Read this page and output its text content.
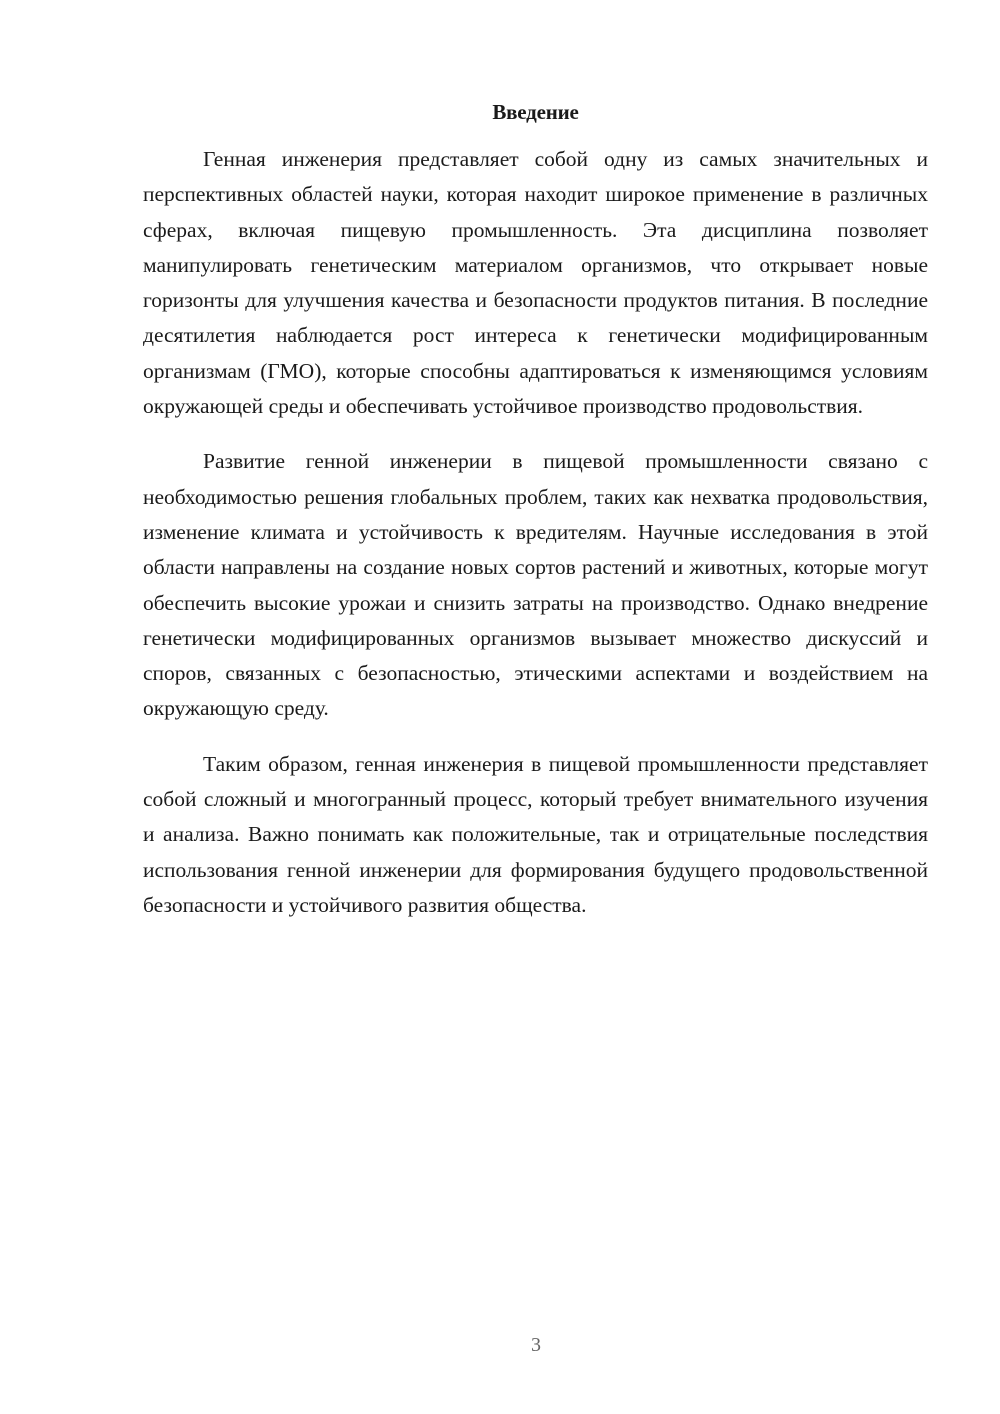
Введение

Генная инженерия представляет собой одну из самых значительных и перспективных областей науки, которая находит широкое применение в различных сферах, включая пищевую промышленность. Эта дисциплина позволяет манипулировать генетическим материалом организмов, что открывает новые горизонты для улучшения качества и безопасности продуктов питания. В последние десятилетия наблюдается рост интереса к генетически модифицированным организмам (ГМО), которые способны адаптироваться к изменяющимся условиям окружающей среды и обеспечивать устойчивое производство продовольствия.

Развитие генной инженерии в пищевой промышленности связано с необходимостью решения глобальных проблем, таких как нехватка продовольствия, изменение климата и устойчивость к вредителям. Научные исследования в этой области направлены на создание новых сортов растений и животных, которые могут обеспечить высокие урожаи и снизить затраты на производство. Однако внедрение генетически модифицированных организмов вызывает множество дискуссий и споров, связанных с безопасностью, этическими аспектами и воздействием на окружающую среду.

Таким образом, генная инженерия в пищевой промышленности представляет собой сложный и многогранный процесс, который требует внимательного изучения и анализа. Важно понимать как положительные, так и отрицательные последствия использования генной инженерии для формирования будущего продовольственной безопасности и устойчивого развития общества.

3
